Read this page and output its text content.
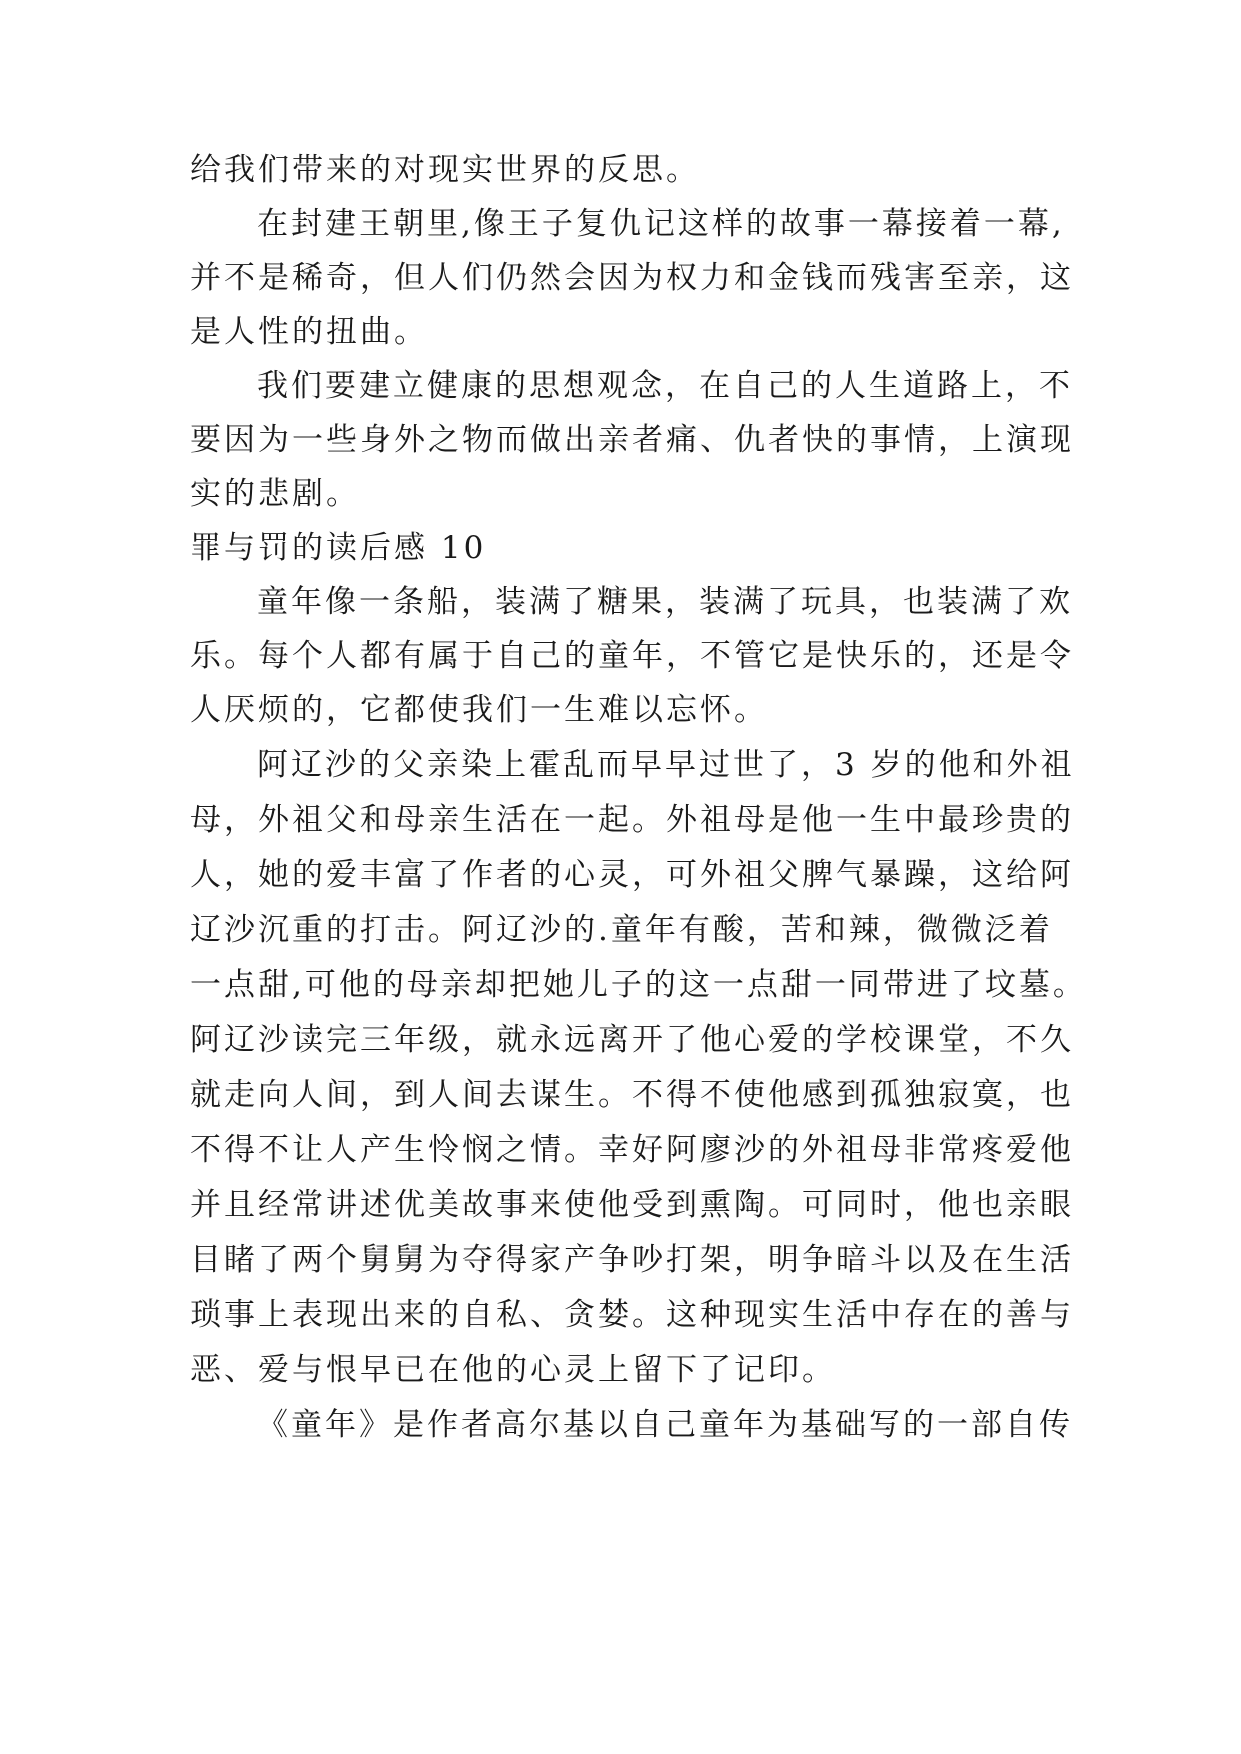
给我们带来的对现实世界的反思。
在封建王朝里,像王子复仇记这样的故事一幕接着一幕,
并不是稀奇，但人们仍然会因为权力和金钱而残害至亲，这
是人性的扭曲。
我们要建立健康的思想观念，在自己的人生道路上，不
要因为一些身外之物而做出亲者痛、仇者快的事情，上演现
实的悲剧。
罪与罚的读后感 10
童年像一条船，装满了糖果，装满了玩具，也装满了欢
乐。每个人都有属于自己的童年，不管它是快乐的，还是令
人厌烦的，它都使我们一生难以忘怀。
阿辽沙的父亲染上霍乱而早早过世了，3 岁的他和外祖
母，外祖父和母亲生活在一起。外祖母是他一生中最珍贵的
人，她的爱丰富了作者的心灵，可外祖父脾气暴躁，这给阿
辽沙沉重的打击。阿辽沙的.童年有酸，苦和辣，微微泛着
一点甜,可他的母亲却把她儿子的这一点甜一同带进了坟墓。
阿辽沙读完三年级，就永远离开了他心爱的学校课堂，不久
就走向人间，到人间去谋生。不得不使他感到孤独寂寞，也
不得不让人产生怜悯之情。幸好阿廖沙的外祖母非常疼爱他
并且经常讲述优美故事来使他受到熏陶。可同时，他也亲眼
目睹了两个舅舅为夺得家产争吵打架，明争暗斗以及在生活
琐事上表现出来的自私、贪婪。这种现实生活中存在的善与
恶、爱与恨早已在他的心灵上留下了记印。
《童年》是作者高尔基以自己童年为基础写的一部自传
